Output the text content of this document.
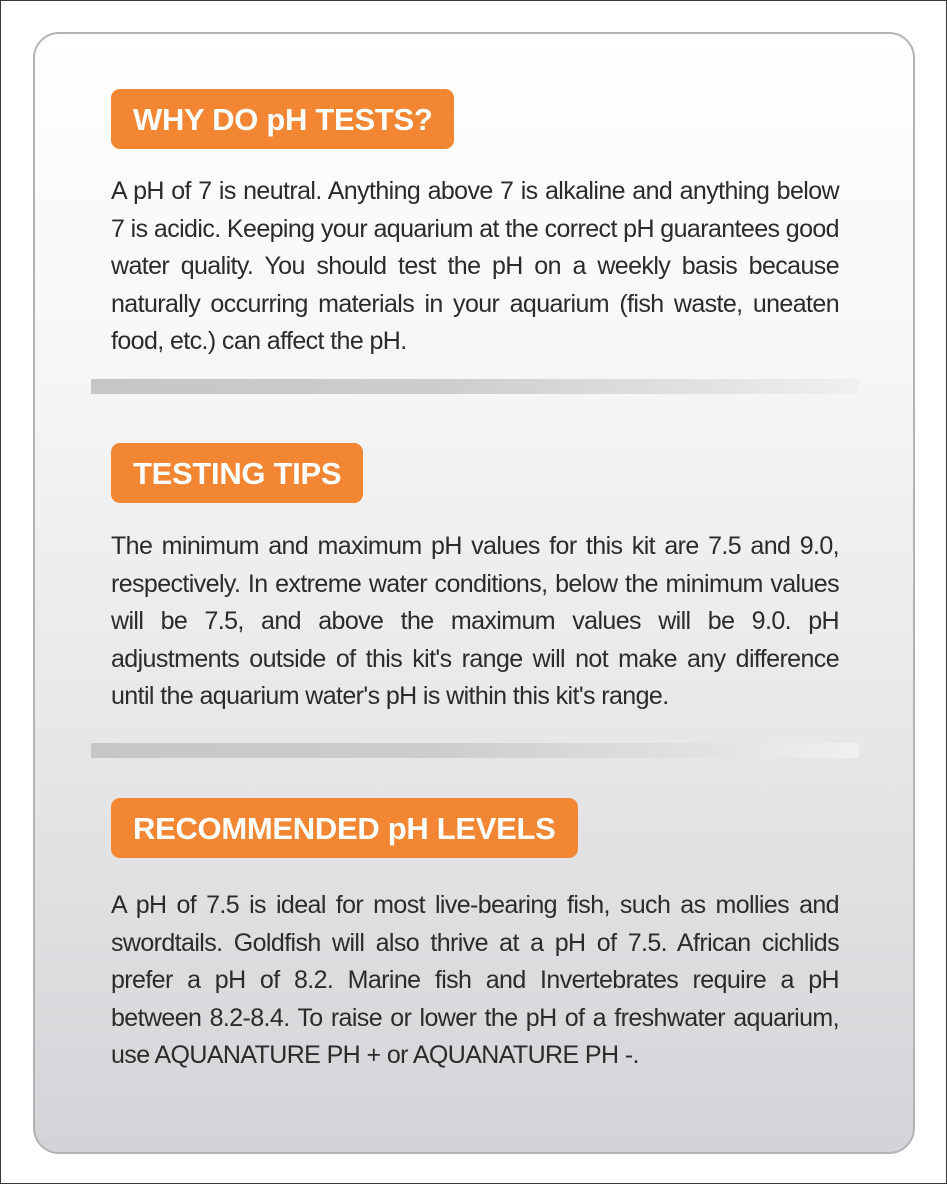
WHY DO pH TESTS?

A pH of 7 is neutral. Anything above 7 is alkaline and anything below 7 is acidic. Keeping your aquarium at the correct pH guarantees good water quality. You should test the pH on a weekly basis because naturally occurring materials in your aquarium (fish waste, uneaten food, etc.) can affect the pH.

TESTING TIPS

The minimum and maximum pH values for this kit are 7.5 and 9.0, respectively. In extreme water conditions, below the minimum values will be 7.5, and above the maximum values will be 9.0. pH adjustments outside of this kit's range will not make any difference until the aquarium water's pH is within this kit's range.

RECOMMENDED pH LEVELS

A pH of 7.5 is ideal for most live-bearing fish, such as mollies and swordtails. Goldfish will also thrive at a pH of 7.5. African cichlids prefer a pH of 8.2. Marine fish and Invertebrates require a pH between 8.2-8.4. To raise or lower the pH of a freshwater aquarium, use AQUANATURE PH + or AQUANATURE PH -.
